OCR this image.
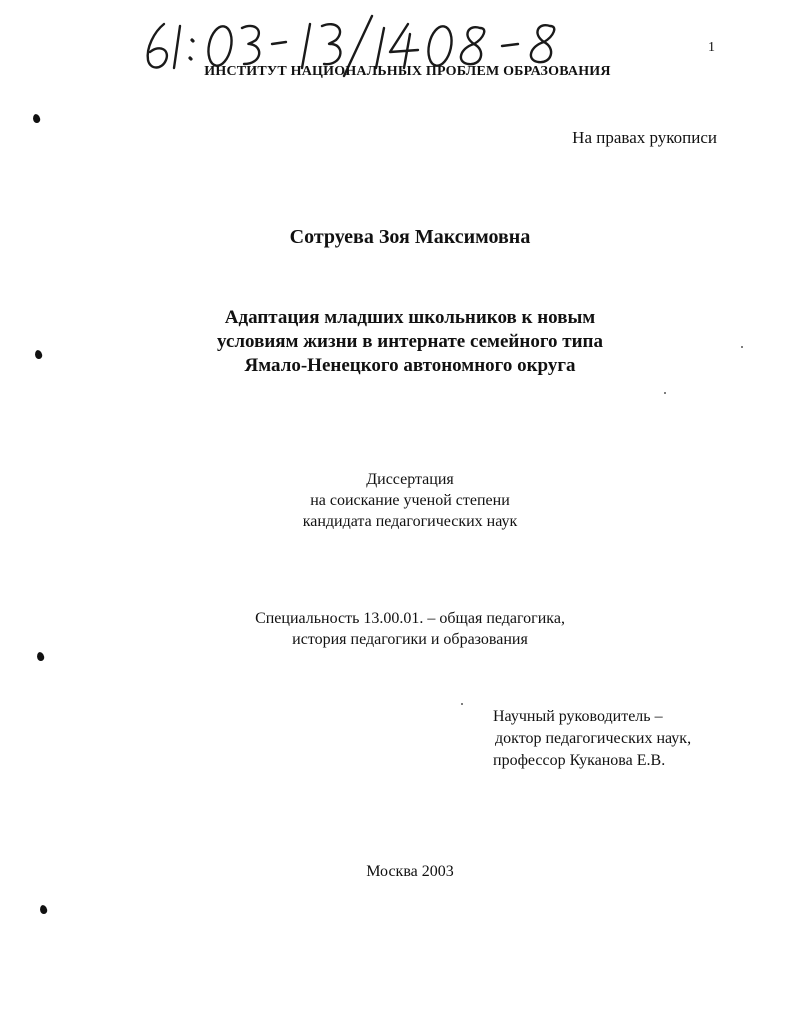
1
ИНСТИТУТ НАЦИОНАЛЬНЫХ ПРОБЛЕМ ОБРАЗОВАНИЯ
На правах рукописи
Сотруева Зоя Максимовна
Адаптация младших школьников к новым
условиям жизни в интернате семейного типа
Ямало-Ненецкого автономного округа
Диссертация
на соискание ученой степени
кандидата педагогических наук
Специальность 13.00.01. – общая педагогика,
история педагогики и образования
Научный руководитель –
доктор педагогических наук,
профессор Куканова Е.В.
Москва 2003
